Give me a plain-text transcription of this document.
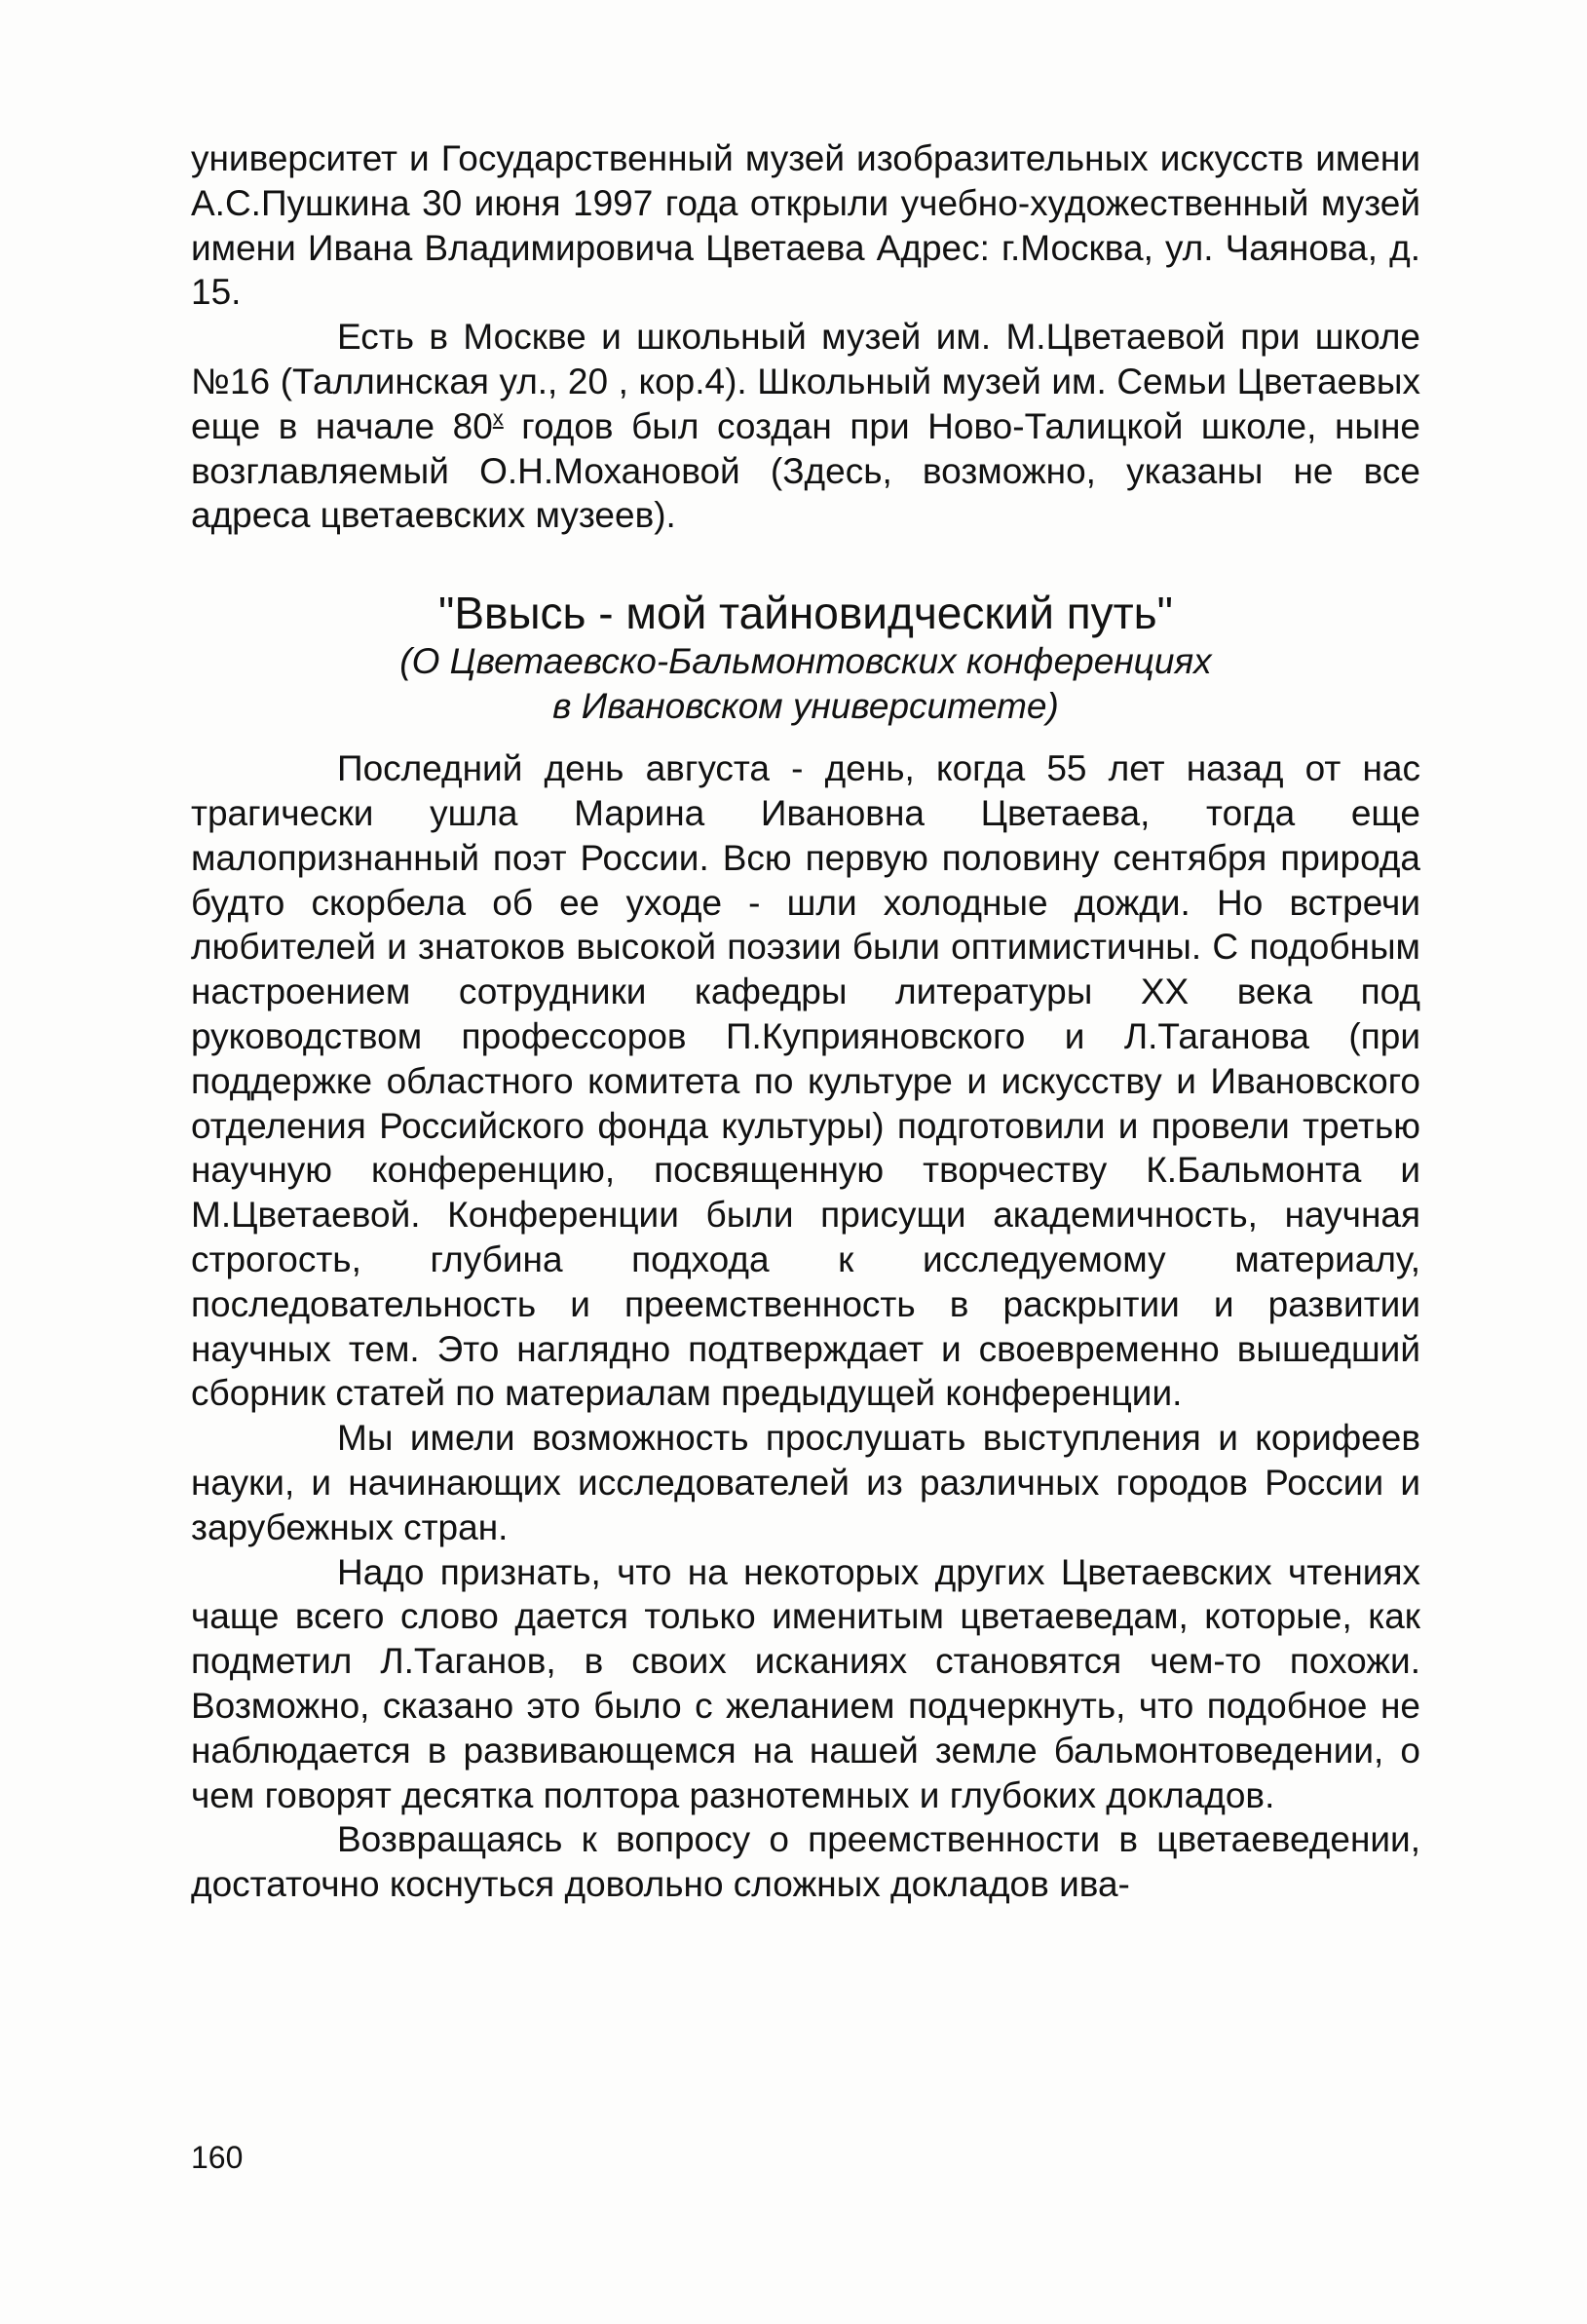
университет и Государственный музей изобразительных искусств имени А.С.Пушкина 30 июня 1997 года открыли учебно-художественный музей имени Ивана Владимировича Цветаева Адрес: г.Москва, ул. Чаянова, д. 15.

Есть в Москве и школьный музей им. М.Цветаевой при школе №16 (Таллинская ул., 20 , кор.4). Школьный музей им. Семьи Цветаевых еще в начале $80^х$ годов был создан при Ново-Талицкой школе, ныне возглавляемый О.Н.Мохановой (Здесь, возможно, указаны не все адреса цветаевских музеев).

"Ввысь - мой тайновидческий путь"
(О Цветаевско-Бальмонтовских конференциях
в Ивановском университете)

Последний день августа - день, когда 55 лет назад от нас трагически ушла Марина Ивановна Цветаева, тогда еще малопризнанный поэт России. Всю первую половину сентября природа будто скорбела об ее уходе - шли холодные дожди. Но встречи любителей и знатоков высокой поэзии были оптимистичны. С подобным настроением сотрудники кафедры литературы XX века под руководством профессоров П.Куприяновского и Л.Таганова (при поддержке областного комитета по культуре и искусству и Ивановского отделения Российского фонда культуры) подготовили и провели третью научную конференцию, посвященную творчеству К.Бальмонта и М.Цветаевой. Конференции были присущи академичность, научная строгость, глубина подхода к исследуемому материалу, последовательность и преемственность в раскрытии и развитии научных тем. Это наглядно подтверждает и своевременно вышедший сборник статей по материалам предыдущей конференции.

Мы имели возможность прослушать выступления и корифеев науки, и начинающих исследователей из различных городов России и зарубежных стран.

Надо признать, что на некоторых других Цветаевских чтениях чаще всего слово дается только именитым цветаеведам, которые, как подметил Л.Таганов, в своих исканиях становятся чем-то похожи. Возможно, сказано это было с желанием подчеркнуть, что подобное не наблюдается в развивающемся на нашей земле бальмонтоведении, о чем говорят десятка полтора разнотемных и глубоких докладов.

Возвращаясь к вопросу о преемственности в цветаеведении, достаточно коснуться довольно сложных докладов ива-

160
